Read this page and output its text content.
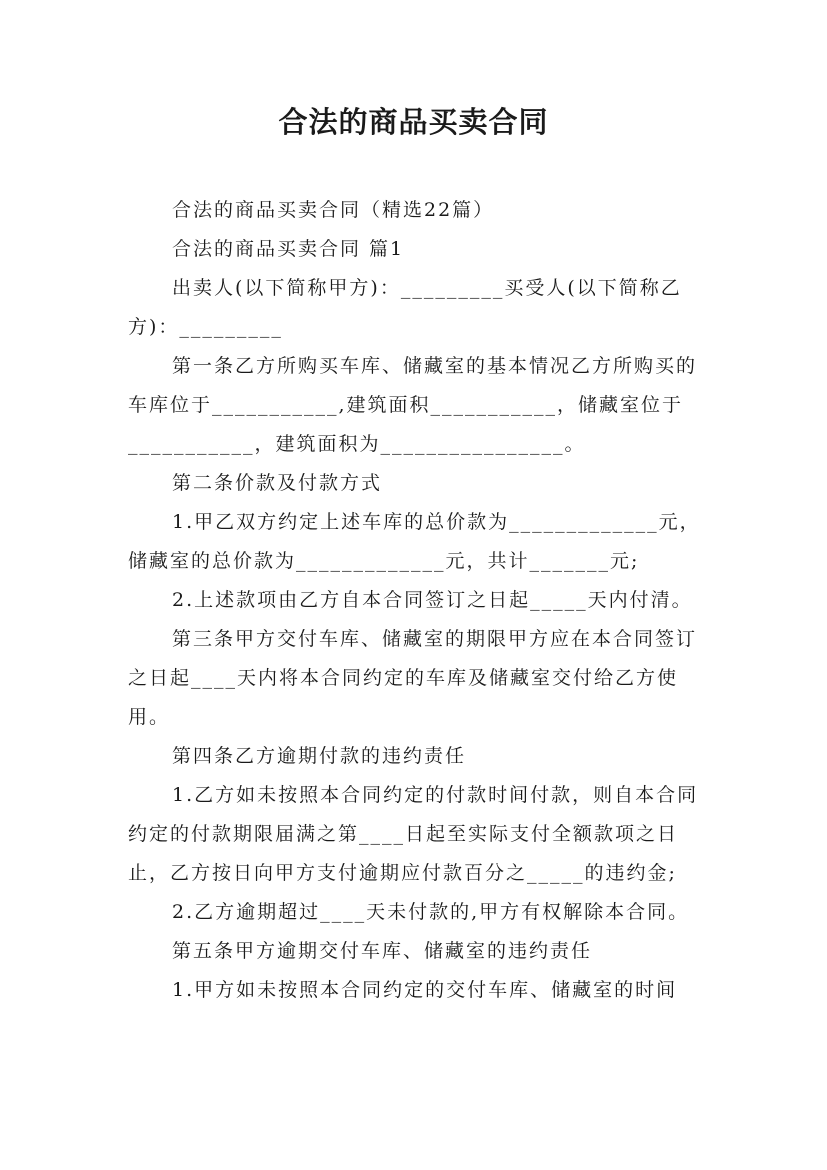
合法的商品买卖合同

合法的商品买卖合同（精选22篇）

合法的商品买卖合同 篇1

出卖人(以下简称甲方)：_________买受人(以下简称乙方)：_________

第一条乙方所购买车库、储藏室的基本情况乙方所购买的车库位于___________,建筑面积___________，储藏室位于___________，建筑面积为________________。

第二条价款及付款方式

1.甲乙双方约定上述车库的总价款为_____________元，储藏室的总价款为_____________元，共计_______元;

2.上述款项由乙方自本合同签订之日起_____天内付清。

第三条甲方交付车库、储藏室的期限甲方应在本合同签订之日起____天内将本合同约定的车库及储藏室交付给乙方使用。

第四条乙方逾期付款的违约责任

1.乙方如未按照本合同约定的付款时间付款，则自本合同约定的付款期限届满之第____日起至实际支付全额款项之日止，乙方按日向甲方支付逾期应付款百分之_____的违约金;

2.乙方逾期超过____天未付款的,甲方有权解除本合同。

第五条甲方逾期交付车库、储藏室的违约责任

1.甲方如未按照本合同约定的交付车库、储藏室的时间
